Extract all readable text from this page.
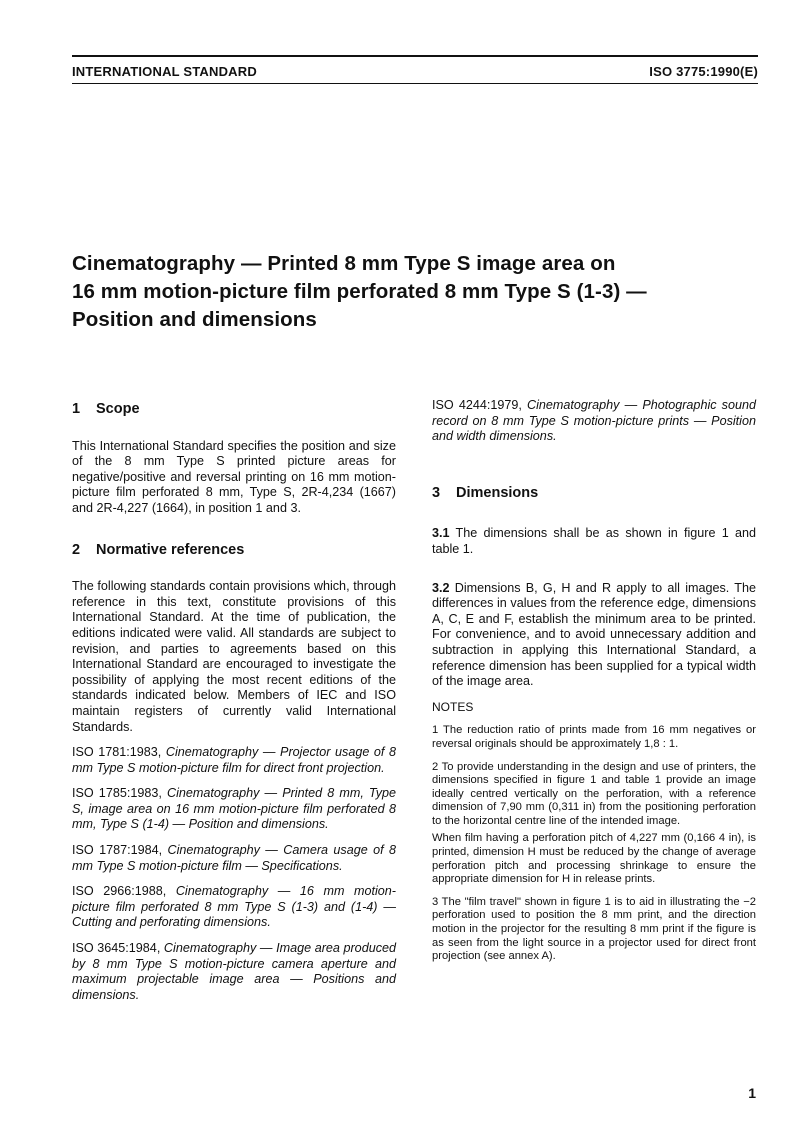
INTERNATIONAL STANDARD	ISO 3775:1990(E)
Cinematography — Printed 8 mm Type S image area on
16 mm motion-picture film perforated 8 mm Type S (1-3) —
Position and dimensions
1 Scope

This International Standard specifies the position and size of the 8 mm Type S printed picture areas for negative/positive and reversal printing on 16 mm motion-picture film perforated 8 mm, Type S, 2R-4,234 (1667) and 2R-4,227 (1664), in position 1 and 3.

2 Normative references

The following standards contain provisions which, through reference in this text, constitute provisions of this International Standard. At the time of publication, the editions indicated were valid. All standards are subject to revision, and parties to agreements based on this International Standard are encouraged to investigate the possibility of applying the most recent editions of the standards indicated below. Members of IEC and ISO maintain registers of currently valid International Standards.

ISO 1781:1983, Cinematography — Projector usage of 8 mm Type S motion-picture film for direct front projection.

ISO 1785:1983, Cinematography — Printed 8 mm, Type S, image area on 16 mm motion-picture film perforated 8 mm, Type S (1-4) — Position and dimensions.

ISO 1787:1984, Cinematography — Camera usage of 8 mm Type S motion-picture film — Specifications.

ISO 2966:1988, Cinematography — 16 mm motion-picture film perforated 8 mm Type S (1-3) and (1-4) — Cutting and perforating dimensions.

ISO 3645:1984, Cinematography — Image area produced by 8 mm Type S motion-picture camera aperture and maximum projectable image area — Positions and dimensions.

ISO 4244:1979, Cinematography — Photographic sound record on 8 mm Type S motion-picture prints — Position and width dimensions.

3 Dimensions

3.1 The dimensions shall be as shown in figure 1 and table 1.

3.2 Dimensions B, G, H and R apply to all images. The differences in values from the reference edge, dimensions A, C, E and F, establish the minimum area to be printed. For convenience, and to avoid unnecessary addition and subtraction in applying this International Standard, a reference dimension has been supplied for a typical width of the image area.

NOTES

1 The reduction ratio of prints made from 16 mm negatives or reversal originals should be approximately 1,8 : 1.

2 To provide understanding in the design and use of printers, the dimensions specified in figure 1 and table 1 provide an image ideally centred vertically on the perforation, with a reference dimension of 7,90 mm (0,311 in) from the positioning perforation to the horizontal centre line of the intended image.

When film having a perforation pitch of 4,227 mm (0,166 4 in), is printed, dimension H must be reduced by the change of average perforation pitch and processing shrinkage to ensure the appropriate dimension for H in release prints.

3 The "film travel" shown in figure 1 is to aid in illustrating the −2 perforation used to position the 8 mm print, and the direction motion in the projector for the resulting 8 mm print if the figure is as seen from the light source in a projector used for direct front projection (see annex A).

1
